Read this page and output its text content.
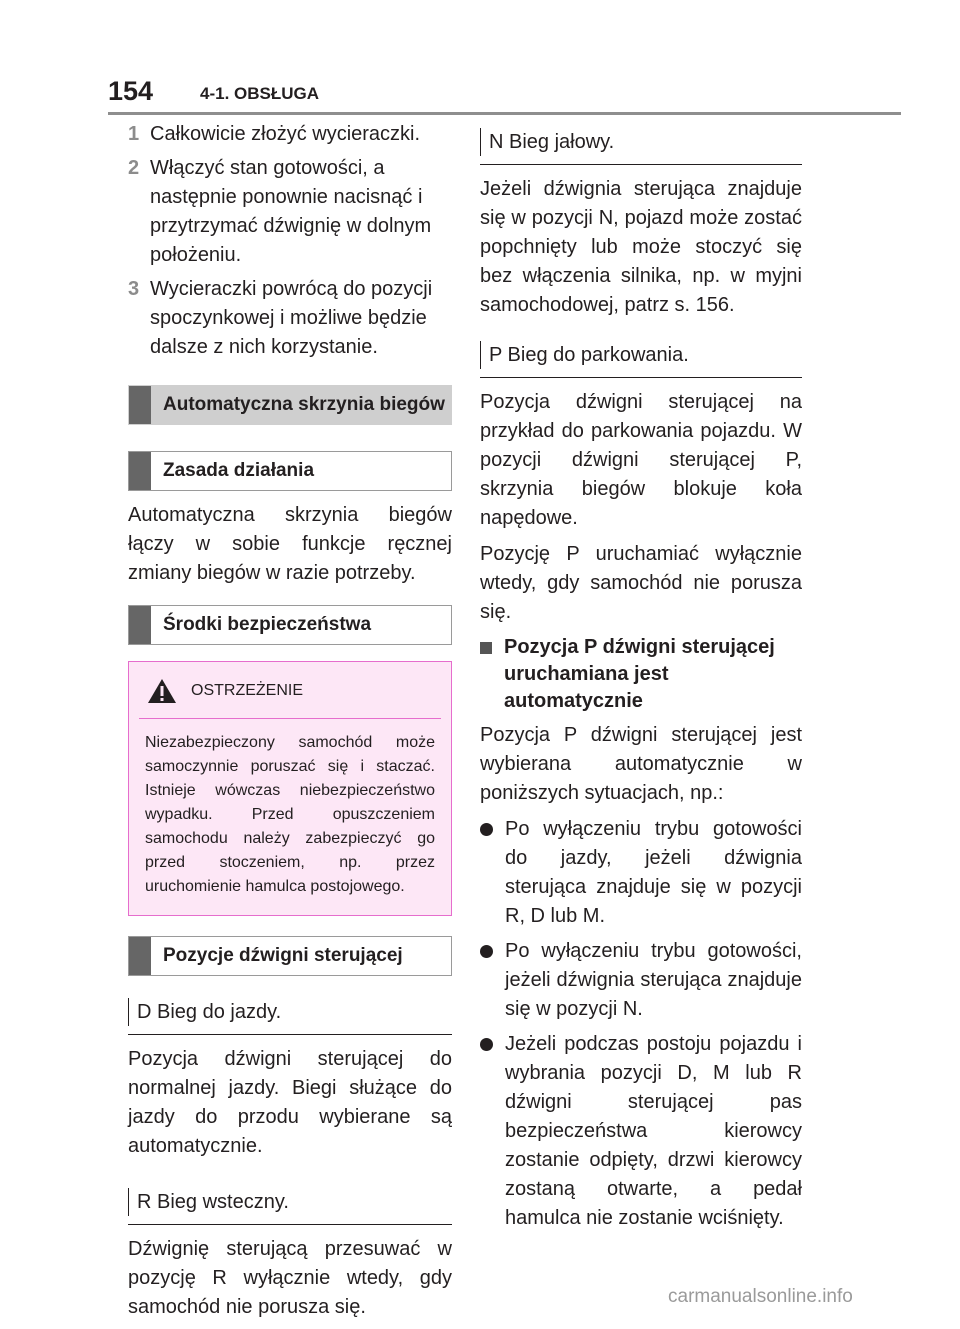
154	4-1. OBSŁUGA
1 Całkowicie złożyć wycieraczki.
2 Włączyć stan gotowości, a następnie ponownie nacisnąć i przytrzymać dźwignię w dolnym położeniu.
3 Wycieraczki powrócą do pozycji spoczynkowej i możliwe będzie dalsze z nich korzystanie.
Automatyczna skrzynia biegów
Zasada działania

Automatyczna skrzynia biegów łączy w sobie funkcje ręcznej zmiany biegów w razie potrzeby.

Środki bezpieczeństwa
OSTRZEŻENIE
Niezabezpieczony samochód może samoczynnie poruszać się i staczać. Istnieje wówczas niebezpieczeństwo wypadku. Przed opuszczeniem samochodu należy zabezpieczyć go przed stoczeniem, np. przez uruchomienie hamulca postojowego.
Pozycje dźwigni sterującej
D Bieg do jazdy.

Pozycja dźwigni sterującej do normalnej jazdy. Biegi służące do jazdy do przodu wybierane są automatycznie.

R Bieg wsteczny.

Dźwignię sterującą przesuwać w pozycję R wyłącznie wtedy, gdy samochód nie porusza się.

N Bieg jałowy.

Jeżeli dźwignia sterująca znajduje się w pozycji N, pojazd może zostać popchnięty lub może stoczyć się bez włączenia silnika, np. w myjni samochodowej, patrz s. 156.

P Bieg do parkowania.

Pozycja dźwigni sterującej na przykład do parkowania pojazdu. W pozycji dźwigni sterującej P, skrzynia biegów blokuje koła napędowe.

Pozycję P uruchamiać wyłącznie wtedy, gdy samochód nie porusza się.

Pozycja P dźwigni sterującej uruchamiana jest automatycznie

Pozycja P dźwigni sterującej jest wybierana automatycznie w poniższych sytuacjach, np.:

Po wyłączeniu trybu gotowości do jazdy, jeżeli dźwignia sterująca znajduje się w pozycji R, D lub M.
Po wyłączeniu trybu gotowości, jeżeli dźwignia sterująca znajduje się w pozycji N.
Jeżeli podczas postoju pojazdu i wybrania pozycji D, M lub R dźwigni sterującej pas bezpieczeństwa kierowcy zostanie odpięty, drzwi kierowcy zostaną otwarte, a pedał hamulca nie zostanie wciśnięty.
carmanualsonline.info
